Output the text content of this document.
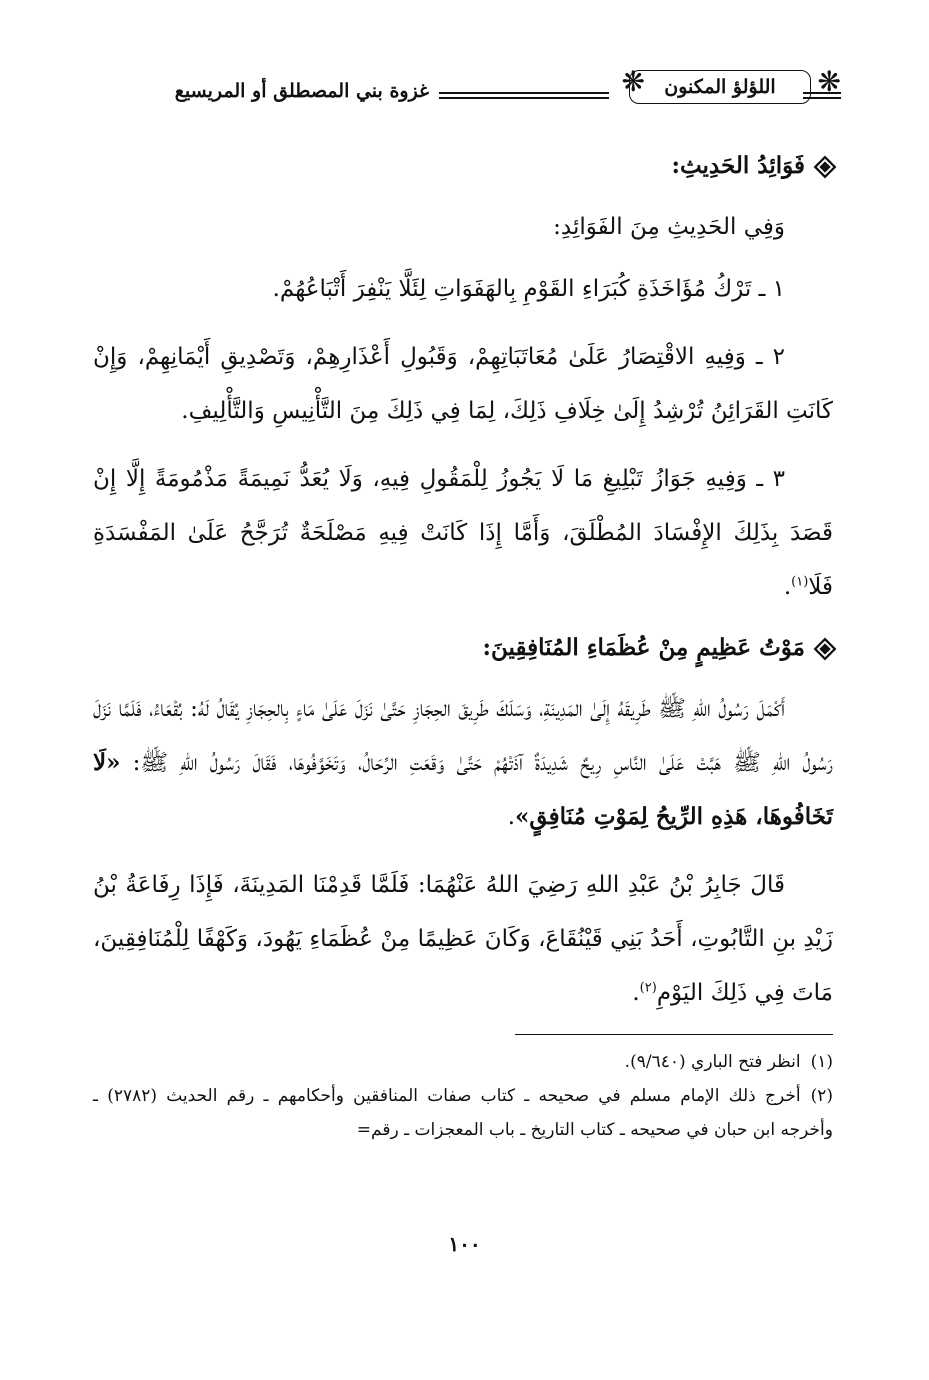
❋
اللؤلؤ المكنون
❋
غزوة بني المصطلق أو المريسيع
فَوَائِدُ الحَدِيثِ:

وَفِي الحَدِيثِ مِنَ الفَوَائِدِ:

١ ـ تَرْكُ مُؤَاخَذَةِ كُبَرَاءِ القَوْمِ بِالهَفَوَاتِ لِئَلَّا يَنْفِرَ أَتْبَاعُهُمْ.

٢ ـ وَفِيهِ الاقْتِصَارُ عَلَىٰ مُعَاتَبَاتِهِمْ، وَقَبُولِ أَعْذَارِهِمْ، وَتَصْدِيقِ أَيْمَانِهِمْ، وَإِنْ كَانَتِ القَرَائِنُ تُرْشِدُ إِلَىٰ خِلَافِ ذَلِكَ، لِمَا فِي ذَلِكَ مِنَ التَّأْنِيسِ وَالتَّأْلِيفِ.

٣ ـ وَفِيهِ جَوَازُ تَبْلِيغِ مَا لَا يَجُوزُ لِلْمَقُولِ فِيهِ، وَلَا يُعَدُّ نَمِيمَةً مَذْمُومَةً إِلَّا إِنْ قَصَدَ بِذَلِكَ الإِفْسَادَ المُطْلَقَ، وَأَمَّا إِذَا كَانَتْ فِيهِ مَصْلَحَةٌ تُرَجَّحُ عَلَىٰ المَفْسَدَةِ فَلَا$^{(١)}$.

مَوْتُ عَظِيمٍ مِنْ عُظَمَاءِ المُنَافِقِينَ:

أَكْمَلَ رَسُولُ اللهِ ﷺ طَرِيقَهُ إِلَىٰ المَدِينَةِ، وَسَلَكَ طَرِيقَ الحِجَازِ حَتَّىٰ نَزَلَ عَلَىٰ مَاءٍ بِالحِجَازِ يُقَالُ لَهُ: بُقْعَاءُ، فَلَمَّا نَزَلَ رَسُولُ اللهِ ﷺ هَبَّتْ عَلَىٰ النَّاسِ رِيحٌ شَدِيدَةٌ آذَتْهُمْ حَتَّىٰ وَقَعَتِ الرِّحَالُ، وَتَخَوَّفُوهَا، فَقَالَ رَسُولُ اللهِ ﷺ: «لَا تَخَافُوهَا، هَذِهِ الرِّيحُ لِمَوْتِ مُنَافِقٍ».

قَالَ جَابِرُ بْنُ عَبْدِ اللهِ رَضِيَ اللهُ عَنْهُمَا: فَلَمَّا قَدِمْنَا المَدِينَةَ، فَإِذَا رِفَاعَةُ بْنُ زَيْدِ بنِ التَّابُوتِ، أَحَدُ بَنِي قَيْنُقَاعَ، وَكَانَ عَظِيمًا مِنْ عُظَمَاءِ يَهُودَ، وَكَهْفًا لِلْمُنَافِقِينَ، مَاتَ فِي ذَلِكَ اليَوْمِ$^{(٢)}$.

(١)انظر فتح الباري (٩/٦٤٠).

(٢)أخرج ذلك الإمام مسلم في صحيحه ـ كتاب صفات المنافقين وأحكامهم ـ رقم الحديث (٢٧٨٢) ـ وأخرجه ابن حبان في صحيحه ـ كتاب التاريخ ـ باب المعجزات ـ رقم=

١٠٠
